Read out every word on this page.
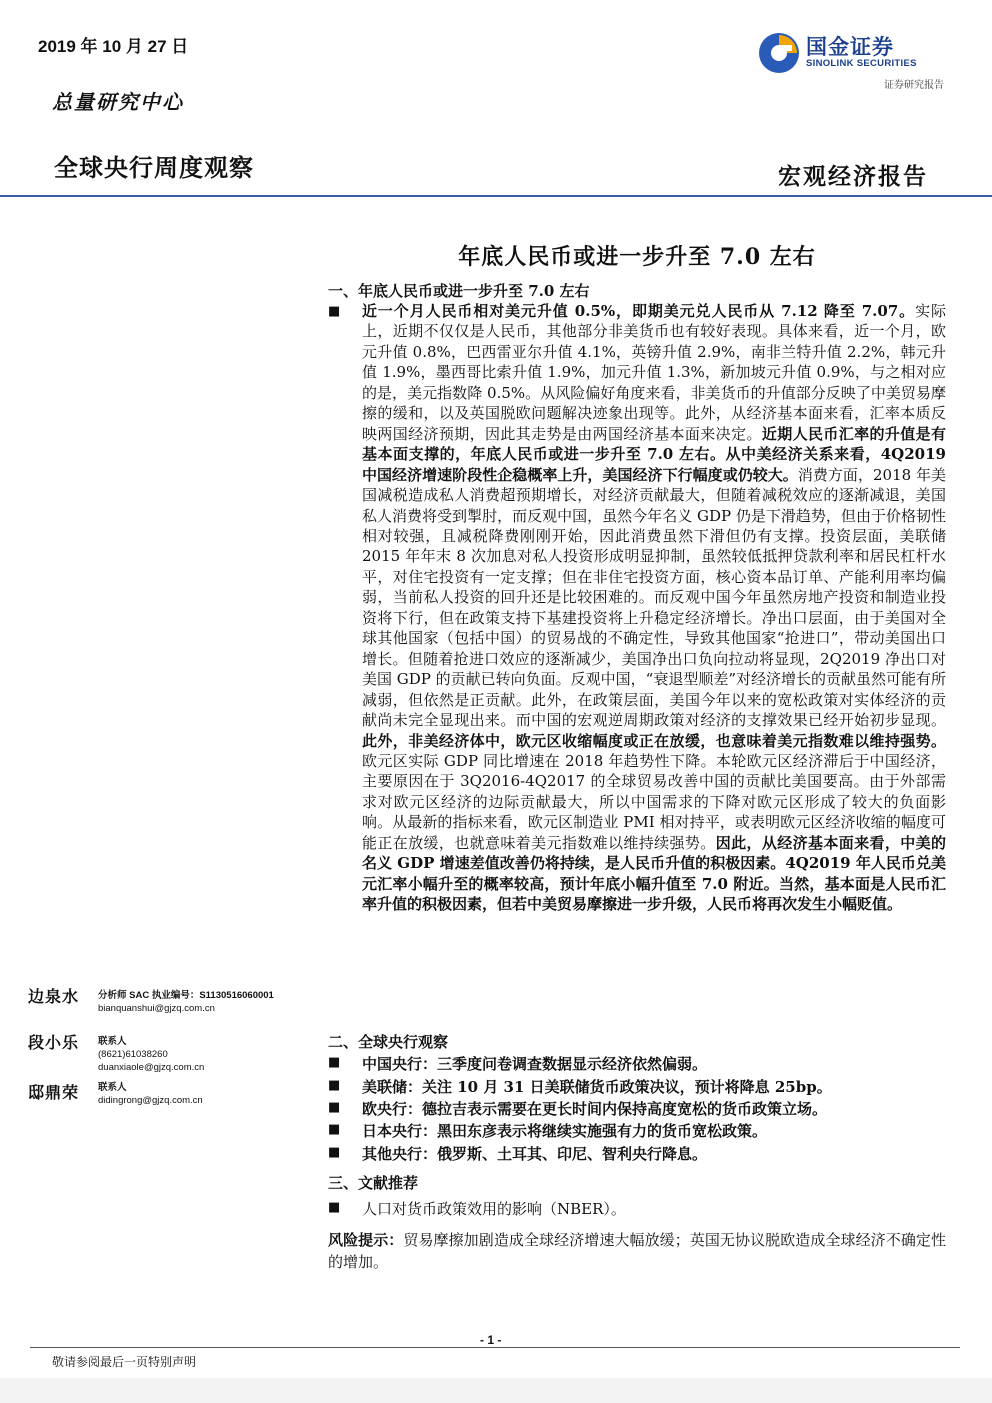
2019 年 10 月 27 日
总量研究中心
全球央行周度观察	宏观经济报告
国金证券
SINOLINK SECURITIES
证券研究报告
年底人民币或进一步升至 7.0 左右
一、年底人民币或进一步升至 7.0 左右
■ 近一个月人民币相对美元升值 0.5%，即期美元兑人民币从 7.12 降至 7.07。实际上，近期不仅仅是人民币，其他部分非美货币也有较好表现。具体来看，近一个月，欧元升值 0.8%，巴西雷亚尔升值 4.1%，英镑升值 2.9%，南非兰特升值 2.2%，韩元升值 1.9%，墨西哥比索升值 1.9%，加元升值 1.3%，新加坡元升值 0.9%，与之相对应的是，美元指数降 0.5%。从风险偏好角度来看，非美货币的升值部分反映了中美贸易摩擦的缓和，以及英国脱欧问题解决迹象出现等。此外，从经济基本面来看，汇率本质反映两国经济预期，因此其走势是由两国经济基本面来决定。近期人民币汇率的升值是有基本面支撑的，年底人民币或进一步升至 7.0 左右。从中美经济关系来看，4Q2019 中国经济增速阶段性企稳概率上升，美国经济下行幅度或仍较大。消费方面，2018 年美国减税造成私人消费超预期增长，对经济贡献最大，但随着减税效应的逐渐减退，美国私人消费将受到掣肘，而反观中国，虽然今年名义 GDP 仍是下滑趋势，但由于价格韧性相对较强，且减税降费刚刚开始，因此消费虽然下滑但仍有支撑。投资层面，美联储 2015 年年末 8 次加息对私人投资形成明显抑制，虽然较低抵押贷款利率和居民杠杆水平，对住宅投资有一定支撑；但在非住宅投资方面，核心资本品订单、产能利用率均偏弱，当前私人投资的回升还是比较困难的。而反观中国今年虽然房地产投资和制造业投资将下行，但在政策支持下基建投资将上升稳定经济增长。净出口层面，由于美国对全球其他国家（包括中国）的贸易战的不确定性，导致其他国家“抢进口”，带动美国出口增长。但随着抢进口效应的逐渐减少，美国净出口负向拉动将显现，2Q2019 净出口对美国 GDP 的贡献已转向负面。反观中国，“衰退型顺差”对经济增长的贡献虽然可能有所减弱，但依然是正贡献。此外，在政策层面，美国今年以来的宽松政策对实体经济的贡献尚未完全显现出来。而中国的宏观逆周期政策对经济的支撑效果已经开始初步显现。此外，非美经济体中，欧元区收缩幅度或正在放缓，也意味着美元指数难以维持强势。欧元区实际 GDP 同比增速在 2018 年趋势性下降。本轮欧元区经济滞后于中国经济，主要原因在于 3Q2016-4Q2017 的全球贸易改善中国的贡献比美国要高。由于外部需求对欧元区经济的边际贡献最大，所以中国需求的下降对欧元区形成了较大的负面影响。从最新的指标来看，欧元区制造业 PMI 相对持平，或表明欧元区经济收缩的幅度可能正在放缓，也就意味着美元指数难以维持续强势。因此，从经济基本面来看，中美的名义 GDP 增速差值改善仍将持续，是人民币升值的积极因素。4Q2019 年人民币兑美元汇率小幅升至的概率较高，预计年底小幅升值至 7.0 附近。当然，基本面是人民币汇率升值的积极因素，但若中美贸易摩擦进一步升级，人民币将再次发生小幅贬值。
二、全球央行观察
■ 中国央行：三季度问卷调查数据显示经济依然偏弱。
■ 美联储：关注 10 月 31 日美联储货币政策决议，预计将降息 25bp。
■ 欧央行：德拉吉表示需要在更长时间内保持高度宽松的货币政策立场。
■ 日本央行：黑田东彦表示将继续实施强有力的货币宽松政策。
■ 其他央行：俄罗斯、土耳其、印尼、智利央行降息。
三、文献推荐
■ 人口对货币政策效用的影响（NBER）。
风险提示：贸易摩擦加剧造成全球经济增速大幅放缓；英国无协议脱欧造成全球经济不确定性的增加。
边泉水 分析师 SAC 执业编号：S1130516060001
bianquanshui@gjzq.com.cn
段小乐 联系人
(8621)61038260
duanxiaole@gjzq.com.cn
邸鼎荣 联系人
didingrong@gjzq.com.cn
- 1 -
敬请参阅最后一页特别声明
